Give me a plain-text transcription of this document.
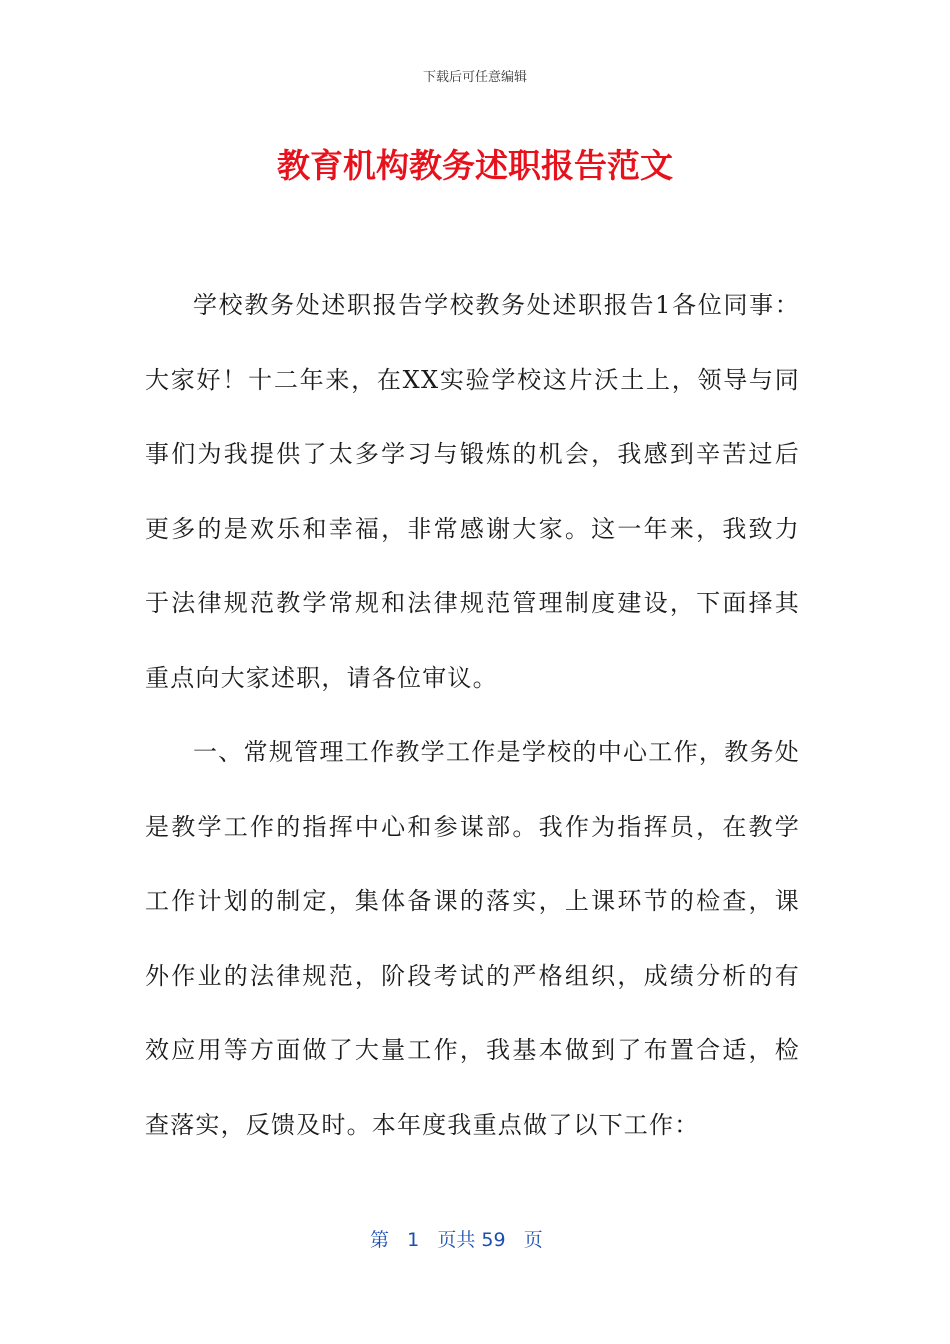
下载后可任意编辑
教育机构教务述职报告范文

学校教务处述职报告学校教务处述职报告1各位同事：大家好！十二年来，在XX实验学校这片沃土上，领导与同事们为我提供了太多学习与锻炼的机会，我感到辛苦过后更多的是欢乐和幸福，非常感谢大家。这一年来，我致力于法律规范教学常规和法律规范管理制度建设，下面择其重点向大家述职，请各位审议。

一、常规管理工作教学工作是学校的中心工作，教务处是教学工作的指挥中心和参谋部。我作为指挥员，在教学工作计划的制定，集体备课的落实，上课环节的检查，课外作业的法律规范，阶段考试的严格组织，成绩分析的有效应用等方面做了大量工作，我基本做到了布置合适，检查落实，反馈及时。本年度我重点做了以下工作：

第 1 页共 59 页
